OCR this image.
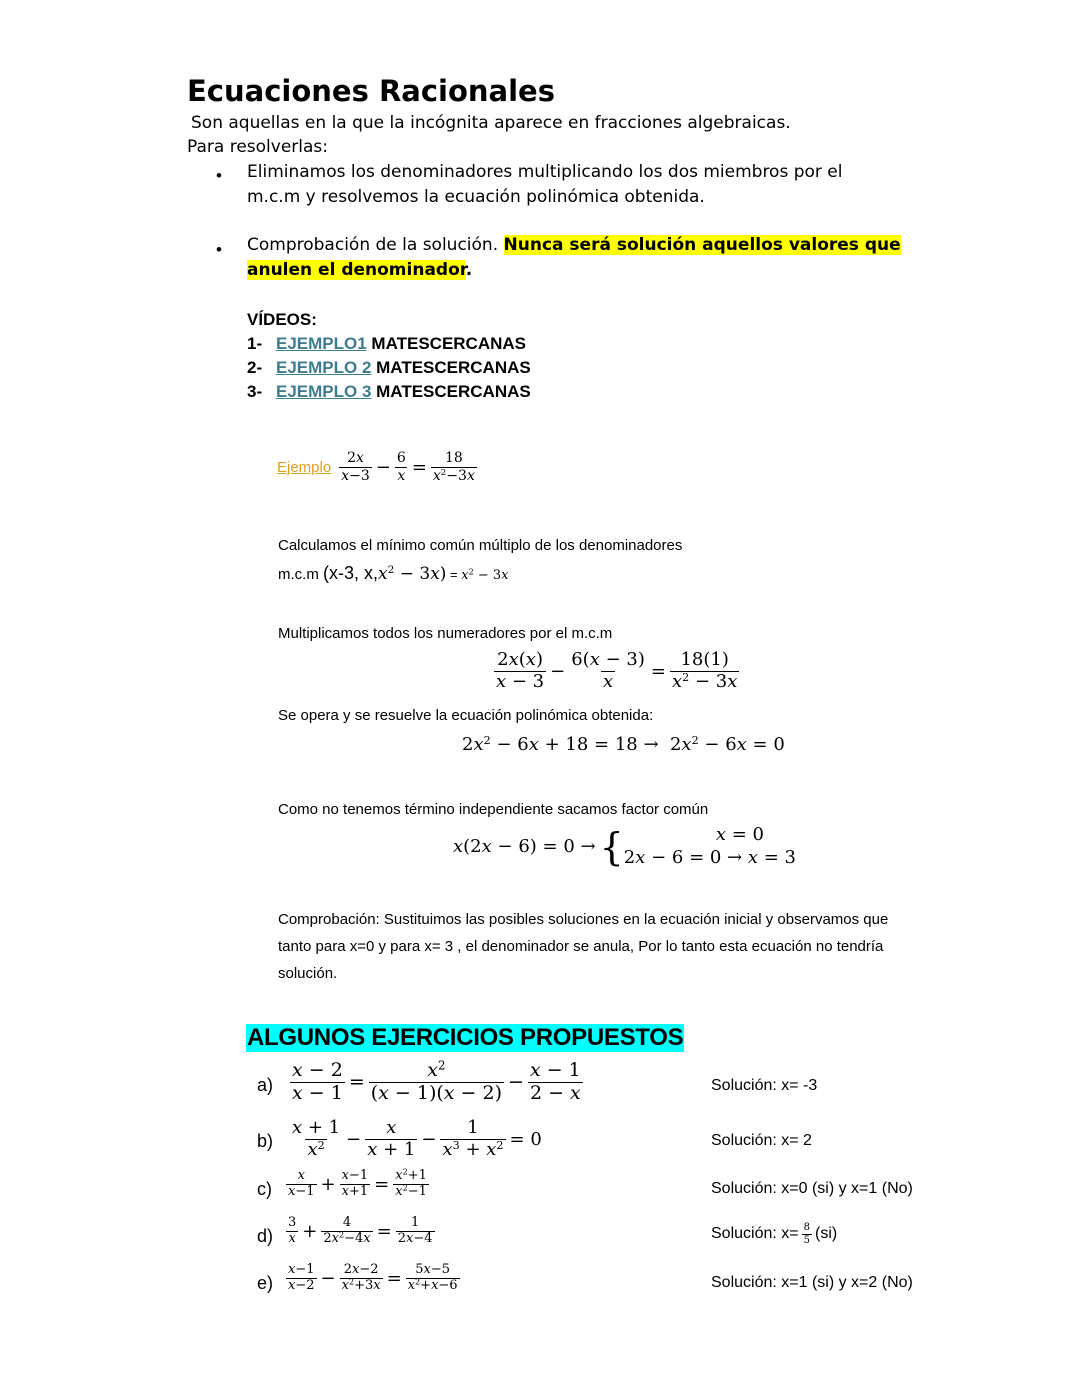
Ecuaciones Racionales
Son aquellas en la que la incógnita aparece en fracciones algebraicas.
Para resolverlas:
• Eliminamos los denominadores multiplicando los dos miembros por el
m.c.m y resolvemos la ecuación polinómica obtenida.
• Comprobación de la solución. Nunca será solución aquellos valores que
anulen el denominador.
VÍDEOS:
1- EJEMPLO1 MATESCERCANAS
2- EJEMPLO 2 MATESCERCANAS
3- EJEMPLO 3 MATESCERCANAS
Ejemplo $\frac{2x}{x-3} - \frac{6}{x} = \frac{18}{x^2-3x}$
Calculamos el mínimo común múltiplo de los denominadores
m.c.m (x-3, $x,x^2 - 3x) = x^2 - 3x$
Multiplicamos todos los numeradores por el m.c.m
$\frac{2x(x)}{x - 3} - \frac{6(x - 3)}{x} = \frac{18(1)}{x^2 - 3x}$
Se opera y se resuelve la ecuación polinómica obtenida:
$2x^2 - 6x + 18 = 18 \to 2x^2 - 6x = 0$
Como no tenemos término independiente sacamos factor común
x(2x − 6) = 0 → {	x = 0
2x − 6 = 0 → x = 3
Comprobación: Sustituimos las posibles soluciones en la ecuación inicial y observamos que
tanto para x=0 y para x= 3 , el denominador se anula, Por lo tanto esta ecuación no tendría
solución.
ALGUNOS EJERCICIOS PROPUESTOS
$a) \frac{x - 2}{x - 1} = \frac{x^2}{(x - 1)(x - 2)} - \frac{x - 1}{2 - x}$	Solución: x= -3
$b) \frac{x + 1}{x^2} - \frac{x}{x + 1} - \frac{1}{x^3 + x^2} = 0$	Solución: x= 2
$c) \frac{x}{x-1} + \frac{x-1}{x+1} = \frac{x^2+1}{x^2-1}$	Solución: x=0 (si) y x=1 (No)
$d) \frac{3}{x} + \frac{4}{2x^2-4x} = \frac{1}{2x-4}$	Solución: $x= \frac{8}{5} (si)$
$e) \frac{x-1}{x-2} - \frac{2x-2}{x^2+3x} = \frac{5x-5}{x^2+x-6}$	Solución: x=1 (si) y x=2 (No)
